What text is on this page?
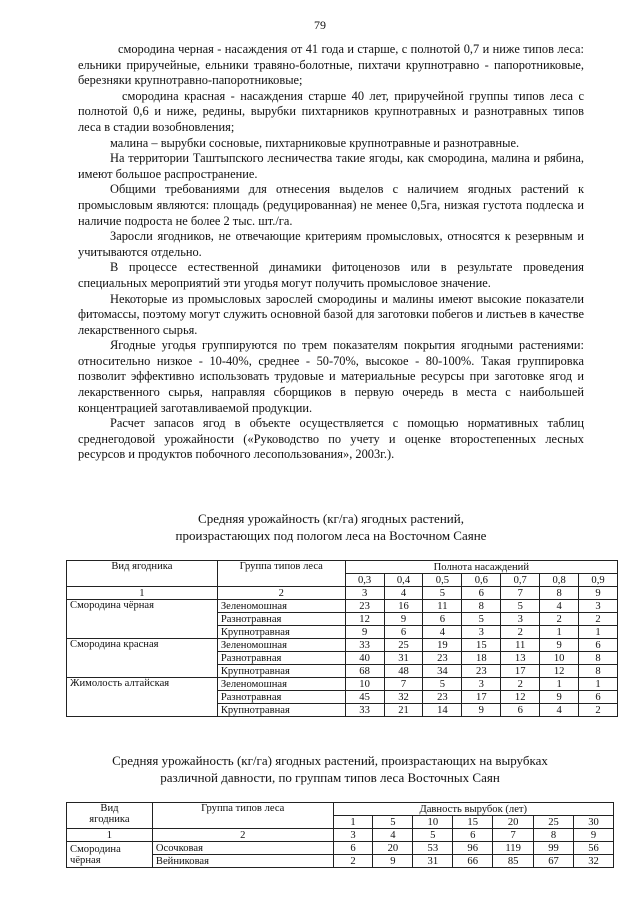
79

смородина черная - насаждения от 41 года и старше, с полнотой 0,7 и ниже типов леса: ельники приручейные, ельники травяно-болотные, пихтачи крупнотравно - папоротниковые, березняки крупнотравно-папоротниковые;

смородина красная - насаждения старше 40 лет, приручейной группы типов леса с полнотой 0,6 и ниже, редины, вырубки пихтарников крупнотравных и разнотравных типов леса в стадии возобновления;

малина – вырубки сосновые, пихтарниковые крупнотравные и разнотравные.

На территории Таштыпского лесничества такие ягоды, как смородина, малина и рябина, имеют большое распространение.

Общими требованиями для отнесения выделов с наличием ягодных растений к промысловым являются: площадь (редуцированная) не менее 0,5га, низкая густота подлеска и наличие подроста не более 2 тыс. шт./га.

Заросли ягодников, не отвечающие критериям промысловых, относятся к резервным и учитываются отдельно.

В процессе естественной динамики фитоценозов или в результате проведения специальных мероприятий эти угодья могут получить промысловое значение.

Некоторые из промысловых зарослей смородины и малины имеют высокие показатели фитомассы, поэтому могут служить основной базой для заготовки побегов и листьев в качестве лекарственного сырья.

Ягодные угодья группируются по трем показателям покрытия ягодными растениями: относительно низкое - 10-40%, среднее - 50-70%, высокое - 80-100%. Такая группировка позволит эффективно использовать трудовые и материальные ресурсы при заготовке ягод и лекарственного сырья, направляя сборщиков в первую очередь в места с наибольшей концентрацией заготавливаемой продукции.

Расчет запасов ягод в объекте осуществляется с помощью нормативных таблиц среднегодовой урожайности («Руководство по учету и оценке второстепенных лесных ресурсов и продуктов побочного лесопользования», 2003г.).

Средняя урожайность (кг/га) ягодных растений,
произрастающих под пологом леса на Восточном Саяне
Вид ягодника	Группа типов леса	Полнота насаждений						
		0,3	0,4	0,5	0,6	0,7	0,8	0,9
1	2	3	4	5	6	7	8	9
Смородина чёрная	Зеленомошная	23	16	11	8	5	4	3
	Разнотравная	12	9	6	5	3	2	2
	Крупнотравная	9	6	4	3	2	1	1
Смородина красная	Зеленомошная	33	25	19	15	11	9	6
	Разнотравная	40	31	23	18	13	10	8
	Крупнотравная	68	48	34	23	17	12	8
Жимолость алтайская	Зеленомошная	10	7	5	3	2	1	1
	Разнотравная	45	32	23	17	12	9	6
	Крупнотравная	33	21	14	9	6	4	2
Средняя урожайность (кг/га) ягодных растений, произрастающих на вырубках
различной давности, по группам типов леса Восточных Саян
Вид
ягодника	Группа типов леса	Давность вырубок (лет)						
		1	5	10	15	20	25	30
1	2	3	4	5	6	7	8	9

Смородина
чёрная	Осочковая	6	20	53	96	119	99	56
	Вейниковая	2	9	31	66	85	67	32
